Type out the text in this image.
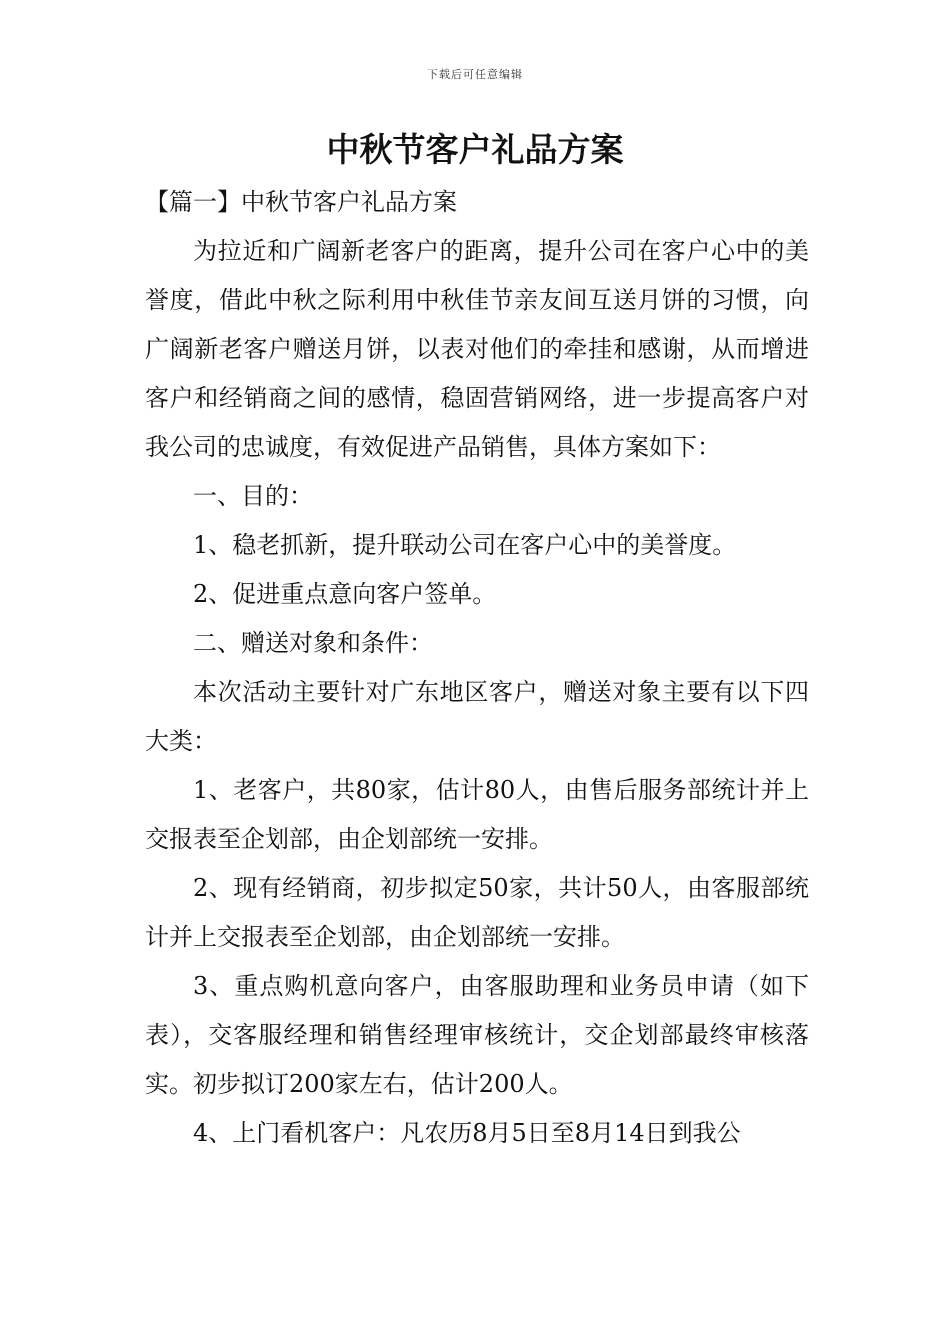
下载后可任意编辑
中秋节客户礼品方案

【篇一】中秋节客户礼品方案

为拉近和广阔新老客户的距离，提升公司在客户心中的美誉度，借此中秋之际利用中秋佳节亲友间互送月饼的习惯，向广阔新老客户赠送月饼，以表对他们的牵挂和感谢，从而增进客户和经销商之间的感情，稳固营销网络，进一步提高客户对我公司的忠诚度，有效促进产品销售，具体方案如下：

一、目的：

1、稳老抓新，提升联动公司在客户心中的美誉度。

2、促进重点意向客户签单。

二、赠送对象和条件：

本次活动主要针对广东地区客户，赠送对象主要有以下四大类：

1、老客户，共80家，估计80人，由售后服务部统计并上交报表至企划部，由企划部统一安排。

2、现有经销商，初步拟定50家，共计50人，由客服部统计并上交报表至企划部，由企划部统一安排。

3、重点购机意向客户，由客服助理和业务员申请（如下表），交客服经理和销售经理审核统计，交企划部最终审核落实。初步拟订200家左右，估计200人。

4、上门看机客户：凡农历8月5日至8月14日到我公
